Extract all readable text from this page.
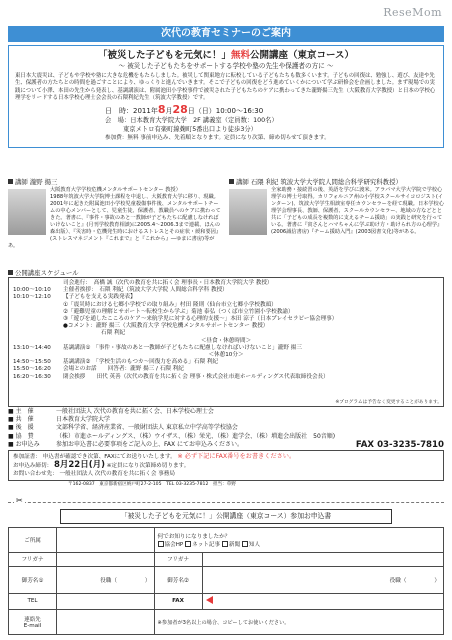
ReseMom
次代の教育セミナーのご案内
「被災した子どもを元気に！」無料公開講座（東京コース）
～ 被災した子どもたちをサポートする学校や塾の先生や保護者の方に ～
東日本大震災は、子どもや学校や塾に大きな危機をもたらしました。被災して関東地方に転校している子どもたちも数多くいます。子どもの回復は、勉強し、遊び、友達や先生、保護者の方たちとの時間を過ごすことにより、ゆっくりと進んでいきます。そこで子どもの回復をどう進めていくかについて学ぶ研修会を企画しました。まず現場での実践について小澤、本田の先生から発表し、基調講演は、附属池田小学校事件で被災された子どもたちのケアに携わってきた瀧野揚三先生（大阪教育大学教授）と日本の学校心理学をリードする日本学校心理士会会長の石隈利紀先生（筑波大学教授）です。
日　時：2011年8月28日（日）10:00～16:30
会　場：日本教育大学院大学　2F 講義室（定員数：100名）
東京メトロ有楽町線麹町5番出口より徒歩3分）
参加費：無料 事前申込み、先着順となります。定員になり次第、締め切らせて頂きます。
講師 瀧野 揚三
大阪教育大学学校危機メンタルサポートセンター 教授）
1988年筑波大学大学院博士課程を中退し、大阪教育大学に移り、現職。2001年に起きた附属池田小学校児童殺傷事件後、メンタルサポートチームの中心メンバーとして、児童生徒、保護者、教職員へのケアに携わってきた。著書に、『事件・事故のあと一教師が子どもたちに配慮しなければいけないこと』(月刊学校教育相談)に2005.4～2006.3まで連載、ほんの森出版）、『災害時・危機発生時におけるストレスとその症状・緩和要因』(ストレスマネジメント『これまで』と『これから』―ゆまに書房)等があ。
講師 石隈 利紀 筑波大学大学院人間総合科学研究科教授）
全家助務・接続習の後、英語を学びに渡米。アラバマ大学大学院で学校心理学の博士号取得。カリフォルニア州の小学校スクールサイコロジスト(インターン)、筑波大学学生相談室専任カウンセラーを経て現職。日本学校心理学会理事長、教師、保護者、スクールカウンセラー、地域の方などとと共に「子どもの成長を複数的に支えるチーム援助」の実践と研究を行っている。著書に『寅さんとハマちゃんに学ぶ助け方・助けられ方の心理学』(2006誠信書房)『チーム援助入門』(2003図書文化)等がある。
公開講座スケジュール
司会進行：　髙橋 誠（次代の教育を共に拓く会 理事長・日本教育大学院大学 教授）
10:00～10:10	主催者挨拶：　石隈 利紀（筑波大学大学院 人間総合科学科 教授）
10:10～12:10	【子どもを支える実践発表】
①「震災時における七郷小学校での取り組み」村田 隆則（仙台市立七郷小学校教頭）
②「避難児童の理解とサポート～転校生から学ぶ」菊池 泰弘（つくば市立竹園小学校教諭）
③「遊びを通したこころのケア～来航学児に対する心理的支援～」本田 涼子（日本プレイセラピー協会理事）
●コメント：瀧野 揚三（大阪教育大学 学校危機メンタルサポートセンター 教授）
石隈 利紀
＜昼食・休憩時間＞
13:10～14:40	基調講演①　「事件・事故のあと一教師が子どもたちに配慮しなければいけないこと」瀧野 揚三
＜休憩10分＞
14:50～15:50	基調講演②　「学校生活のもつカ～回復力を高める」石隈 利紀
15:50～16:20	会場とのお話　　回答者：瀧野 揚三 / 石隈 利紀
16:20～16:30	閉会挨拶　　田代 英善（次代の教育を共に拓く会 理事・株式会社市進ホールディングス代表取締役会長）
※プログラムは予告なく変更することがあります。
■ 主　催	一般社団法人 次代の教育を共に拓く会、日本学校心理士会
■ 共　催	日本教育大学院大学
■ 後　援	文部科学省、経済産業省、一般財団法人 東京私立中学高等学校協会
■ 協　賛	（株）市進ホールディングス、（株）ウイザス、（株）栄光、（株）進学会、（株）増進会出版社　50音順)
■ お申込み	参加お申込書に必要事項をご記入の上、FAX にてお申込みください。	FAX 03-3235-7810
参加証書： 申込書が確認でき次第、FAXにてお送りいたします。 ※ 必ず下記にFAX番号をお書きください。
お申込み締切： 8月22日(月) ※定員になり次第締め切ります。
お問い合わせ先： 一般社団法人 次代の教育を共に拓く会 事務局
〒162-0837　東京都新宿区納戸町27-2-105　TEL 03-3235-7812　担当：草野
✂
「被災した子どもを元気に！」公開講座（東京コース）参加お申込書
ご所属		何でお知りになりましたか？
協会HP ネット記事 新聞 知人	

フリガナ		フリガナ	
御芳名①	役職（　　　　　）	御芳名②	役職（　　　　　）
TEL		FAX	

連絡先
E-mail		※参加者が3名以上の場合、コピーしてお使いください。	
